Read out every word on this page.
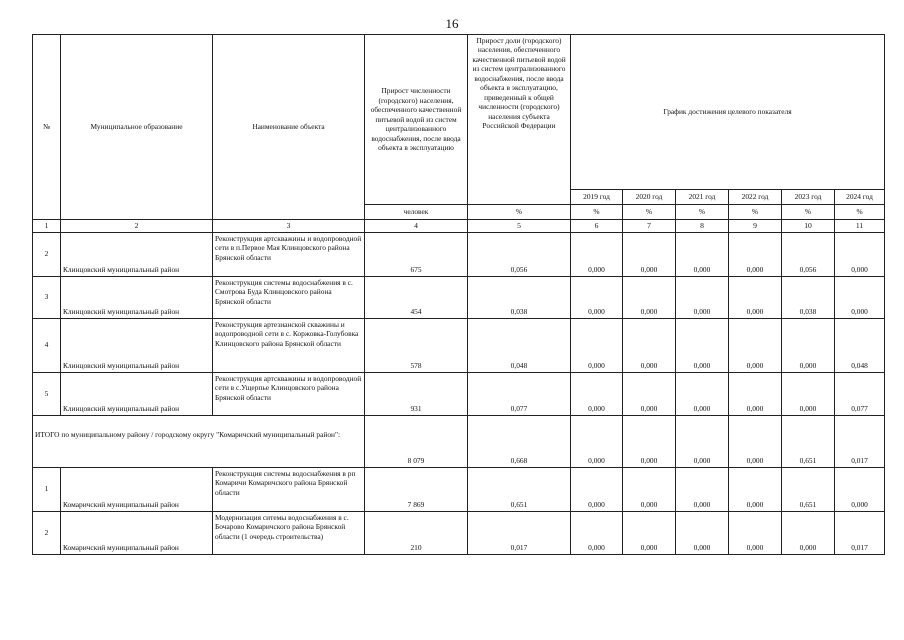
16
№	Муниципальное образование	Наименование объекта	Прирост численности (городского) населения, обеспеченного качественной питьевой водой из систем централизованного водоснабжения, после ввода объекта в эксплуатацию	Прирост доли (городского) населения, обеспеченного качественной питьевой водой из систем централизованного водоснабжения, после ввода объекта в эксплуатацию, приведенный к общей численности (городского) населения субъекта Российской Федерации	График достижения целевого показателя					
					2019 год	2020 год	2021 год	2022 год	2023 год	2024 год
			человек	%	%	%	%	%	%	%
1	2	3	4	5	6	7	8	9	10	11
2	Клинцовский муниципальный район	Реконструкция артскважины и водопроводной сети в п.Первое Мая Клинцовского района Брянской области	675	0,056	0,000	0,000	0,000	0,000	0,056	0,000
3	Клинцовский муниципальный район	Реконструкция системы водоснабжения в с. Смотрова Буда Клинцовского района Брянской области	454	0,038	0,000	0,000	0,000	0,000	0,038	0,000
4	Клинцовский муниципальный район	Реконструкция артезианской скважины и водопроводной сети в с. Коржовка-Голубовка Клинцовского района Брянской области	578	0,048	0,000	0,000	0,000	0,000	0,000	0,048
5	Клинцовский муниципальный район	Реконструкция артскважины и водопроводной сети в с.Ущерпье Клинцовского района Брянской области	931	0,077	0,000	0,000	0,000	0,000	0,000	0,077
ИТОГО по муниципальному району / городскому округу "Комаричский муниципальный район":			8 079	0,668	0,000	0,000	0,000	0,000	0,651	0,017
1	Комаричский муниципальный район	Реконструкция системы водоснабжения в рп Комаричи Комаричского района Брянской области	7 869	0,651	0,000	0,000	0,000	0,000	0,651	0,000
2	Комаричский муниципальный район	Модернизация ситемы водоснабжения в с. Бочарово Комаричского района Брянской области (1 очередь строительства)	210	0,017	0,000	0,000	0,000	0,000	0,000	0,017
